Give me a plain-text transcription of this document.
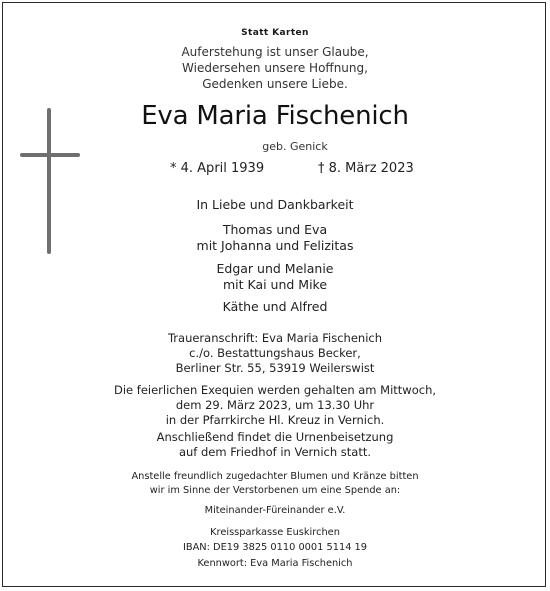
Statt Karten
Auferstehung ist unser Glaube,
Wiedersehen unsere Hoffnung,
Gedenken unsere Liebe.
Eva Maria Fischenich
geb. Genick
* 4. April 1939	† 8. März 2023
In Liebe und Dankbarkeit
Thomas und Eva
mit Johanna und Felizitas
Edgar und Melanie
mit Kai und Mike
Käthe und Alfred
Traueranschrift: Eva Maria Fischenich
c./o. Bestattungshaus Becker,
Berliner Str. 55, 53919 Weilerswist
Die feierlichen Exequien werden gehalten am Mittwoch,
dem 29. März 2023, um 13.30 Uhr
in der Pfarrkirche Hl. Kreuz in Vernich.
Anschließend findet die Urnenbeisetzung
auf dem Friedhof in Vernich statt.
Anstelle freundlich zugedachter Blumen und Kränze bitten
wir im Sinne der Verstorbenen um eine Spende an:
Miteinander-Füreinander e.V.
Kreissparkasse Euskirchen
IBAN: DE19 3825 0110 0001 5114 19
Kennwort: Eva Maria Fischenich
